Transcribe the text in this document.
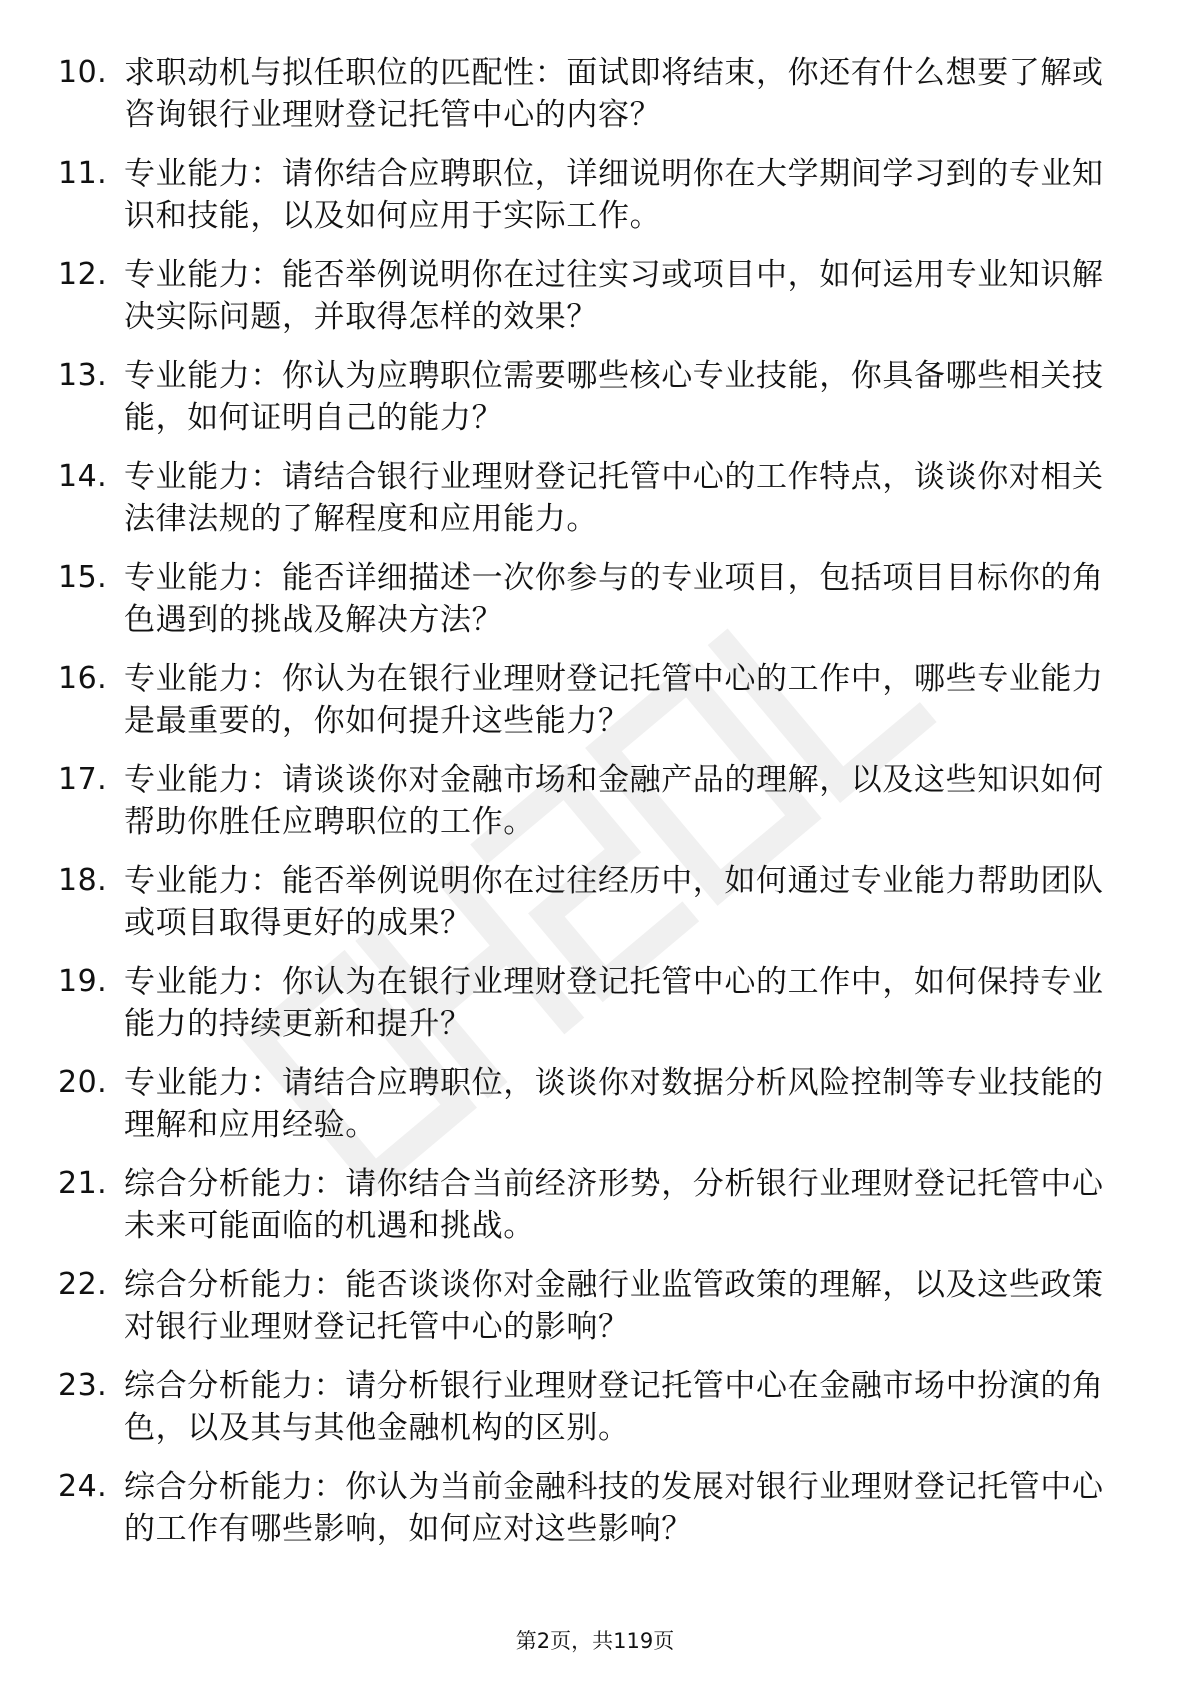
10. 求职动机与拟任职位的匹配性：面试即将结束，你还有什么想要了解或咨询银行业理财登记托管中心的内容？
11. 专业能力：请你结合应聘职位，详细说明你在大学期间学习到的专业知识和技能，以及如何应用于实际工作。
12. 专业能力：能否举例说明你在过往实习或项目中，如何运用专业知识解决实际问题，并取得怎样的效果？
13. 专业能力：你认为应聘职位需要哪些核心专业技能，你具备哪些相关技能，如何证明自己的能力？
14. 专业能力：请结合银行业理财登记托管中心的工作特点，谈谈你对相关法律法规的了解程度和应用能力。
15. 专业能力：能否详细描述一次你参与的专业项目，包括项目目标你的角色遇到的挑战及解决方法？
16. 专业能力：你认为在银行业理财登记托管中心的工作中，哪些专业能力是最重要的，你如何提升这些能力？
17. 专业能力：请谈谈你对金融市场和金融产品的理解，以及这些知识如何帮助你胜任应聘职位的工作。
18. 专业能力：能否举例说明你在过往经历中，如何通过专业能力帮助团队或项目取得更好的成果？
19. 专业能力：你认为在银行业理财登记托管中心的工作中，如何保持专业能力的持续更新和提升？
20. 专业能力：请结合应聘职位，谈谈你对数据分析风险控制等专业技能的理解和应用经验。
21. 综合分析能力：请你结合当前经济形势，分析银行业理财登记托管中心未来可能面临的机遇和挑战。
22. 综合分析能力：能否谈谈你对金融行业监管政策的理解，以及这些政策对银行业理财登记托管中心的影响？
23. 综合分析能力：请分析银行业理财登记托管中心在金融市场中扮演的角色，以及其与其他金融机构的区别。
24. 综合分析能力：你认为当前金融科技的发展对银行业理财登记托管中心的工作有哪些影响，如何应对这些影响？
第2页，共119页
